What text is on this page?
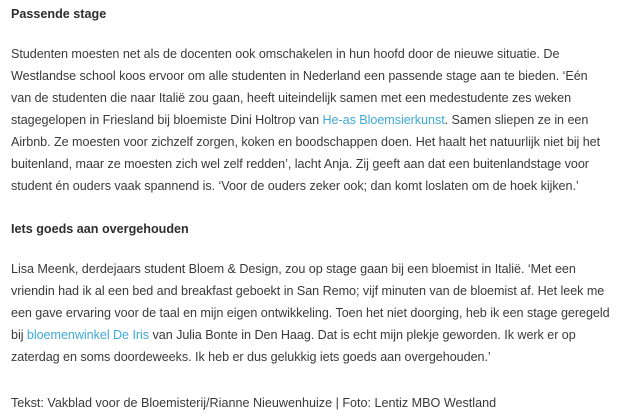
Passende stage

Studenten moesten net als de docenten ook omschakelen in hun hoofd door de nieuwe situatie. De Westlandse school koos ervoor om alle studenten in Nederland een passende stage aan te bieden. ‘Eén van de studenten die naar Italië zou gaan, heeft uiteindelijk samen met een medestudente zes weken stagegelopen in Friesland bij bloemiste Dini Holtrop van He-as Bloemsierkunst. Samen sliepen ze in een Airbnb. Ze moesten voor zichzelf zorgen, koken en boodschappen doen. Het haalt het natuurlijk niet bij het buitenland, maar ze moesten zich wel zelf redden’, lacht Anja. Zij geeft aan dat een buitenlandstage voor student én ouders vaak spannend is. ‘Voor de ouders zeker ook; dan komt loslaten om de hoek kijken.’

Iets goeds aan overgehouden

Lisa Meenk, derdejaars student Bloem & Design, zou op stage gaan bij een bloemist in Italië. ‘Met een vriendin had ik al een bed and breakfast geboekt in San Remo; vijf minuten van de bloemist af. Het leek me een gave ervaring voor de taal en mijn eigen ontwikkeling. Toen het niet doorging, heb ik een stage geregeld bij bloemenwinkel De Iris van Julia Bonte in Den Haag. Dat is echt mijn plekje geworden. Ik werk er op zaterdag en soms doordeweeks. Ik heb er dus gelukkig iets goeds aan overgehouden.’

Tekst: Vakblad voor de Bloemisterij/Rianne Nieuwenhuize | Foto: Lentiz MBO Westland
